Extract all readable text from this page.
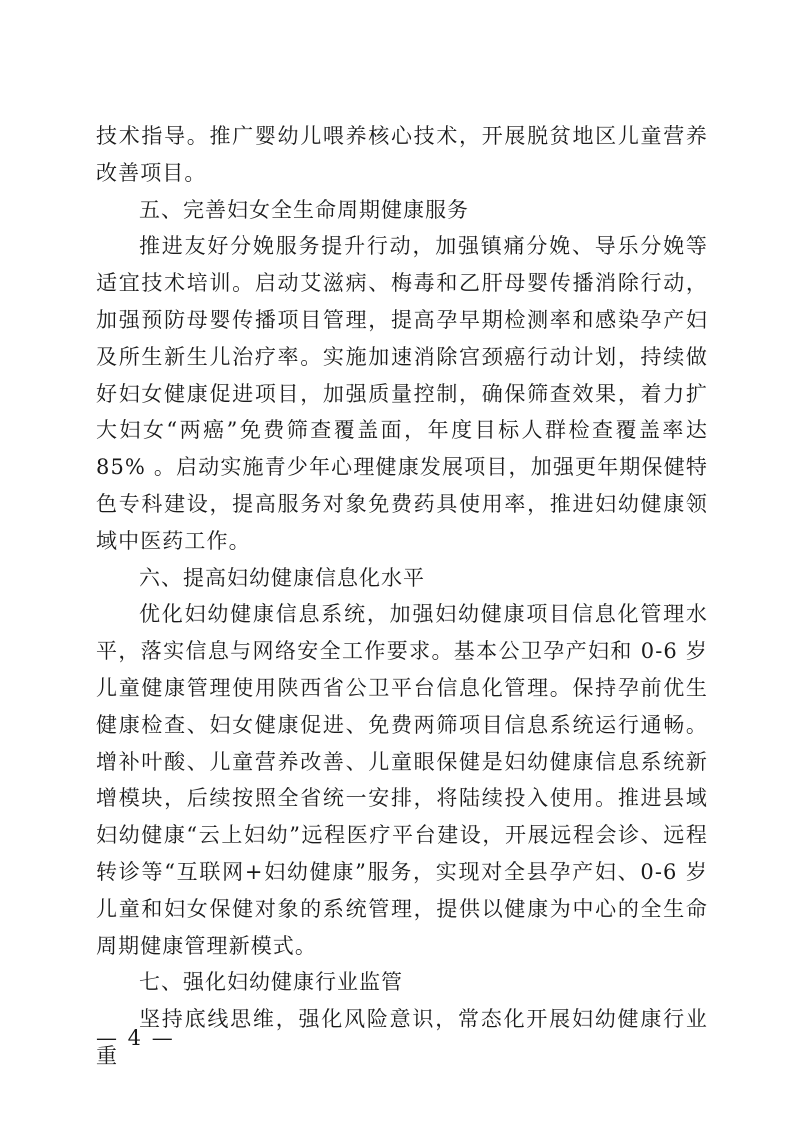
技术指导。推广婴幼儿喂养核心技术，开展脱贫地区儿童营养改善项目。

五、完善妇女全生命周期健康服务

推进友好分娩服务提升行动，加强镇痛分娩、导乐分娩等适宜技术培训。启动艾滋病、梅毒和乙肝母婴传播消除行动，加强预防母婴传播项目管理，提高孕早期检测率和感染孕产妇及所生新生儿治疗率。实施加速消除宫颈癌行动计划，持续做好妇女健康促进项目，加强质量控制，确保筛查效果，着力扩大妇女“两癌”免费筛查覆盖面，年度目标人群检查覆盖率达 85% 。启动实施青少年心理健康发展项目，加强更年期保健特色专科建设，提高服务对象免费药具使用率，推进妇幼健康领域中医药工作。

六、提高妇幼健康信息化水平

优化妇幼健康信息系统，加强妇幼健康项目信息化管理水平，落实信息与网络安全工作要求。基本公卫孕产妇和 0-6 岁儿童健康管理使用陕西省公卫平台信息化管理。保持孕前优生健康检查、妇女健康促进、免费两筛项目信息系统运行通畅。增补叶酸、儿童营养改善、儿童眼保健是妇幼健康信息系统新增模块，后续按照全省统一安排，将陆续投入使用。推进县域妇幼健康“云上妇幼”远程医疗平台建设，开展远程会诊、远程转诊等“互联网+妇幼健康”服务，实现对全县孕产妇、0-6 岁儿童和妇女保健对象的系统管理，提供以健康为中心的全生命周期健康管理新模式。

七、强化妇幼健康行业监管

坚持底线思维，强化风险意识，常态化开展妇幼健康行业重

— 4 —
